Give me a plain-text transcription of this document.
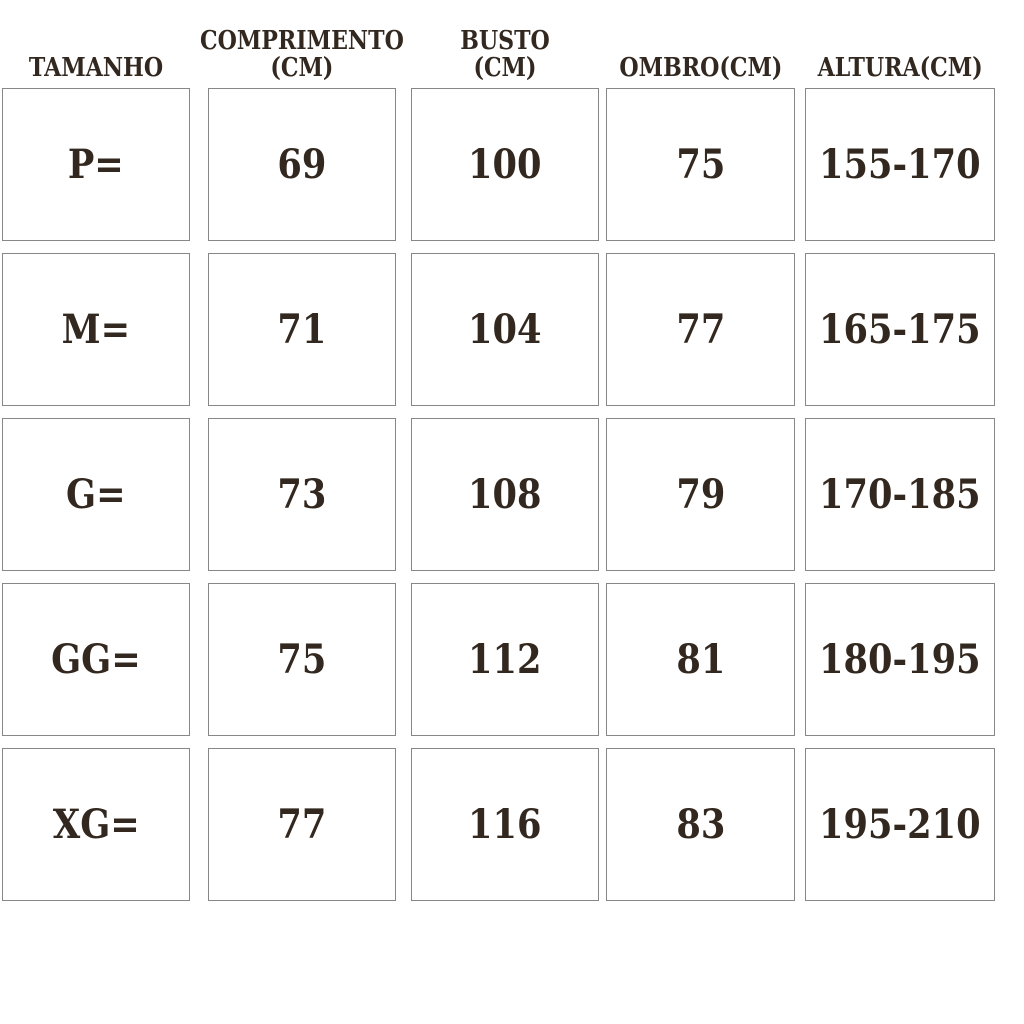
TAMANHO
P=
M=
G=
GG=
XG=
COMPRIMENTO (CM)
69
71
73
75
77
BUSTO (CM)
100
104
108
112
116
OMBRO(CM)
75
77
79
81
83
ALTURA(CM)
155-170
165-175
170-185
180-195
195-210
